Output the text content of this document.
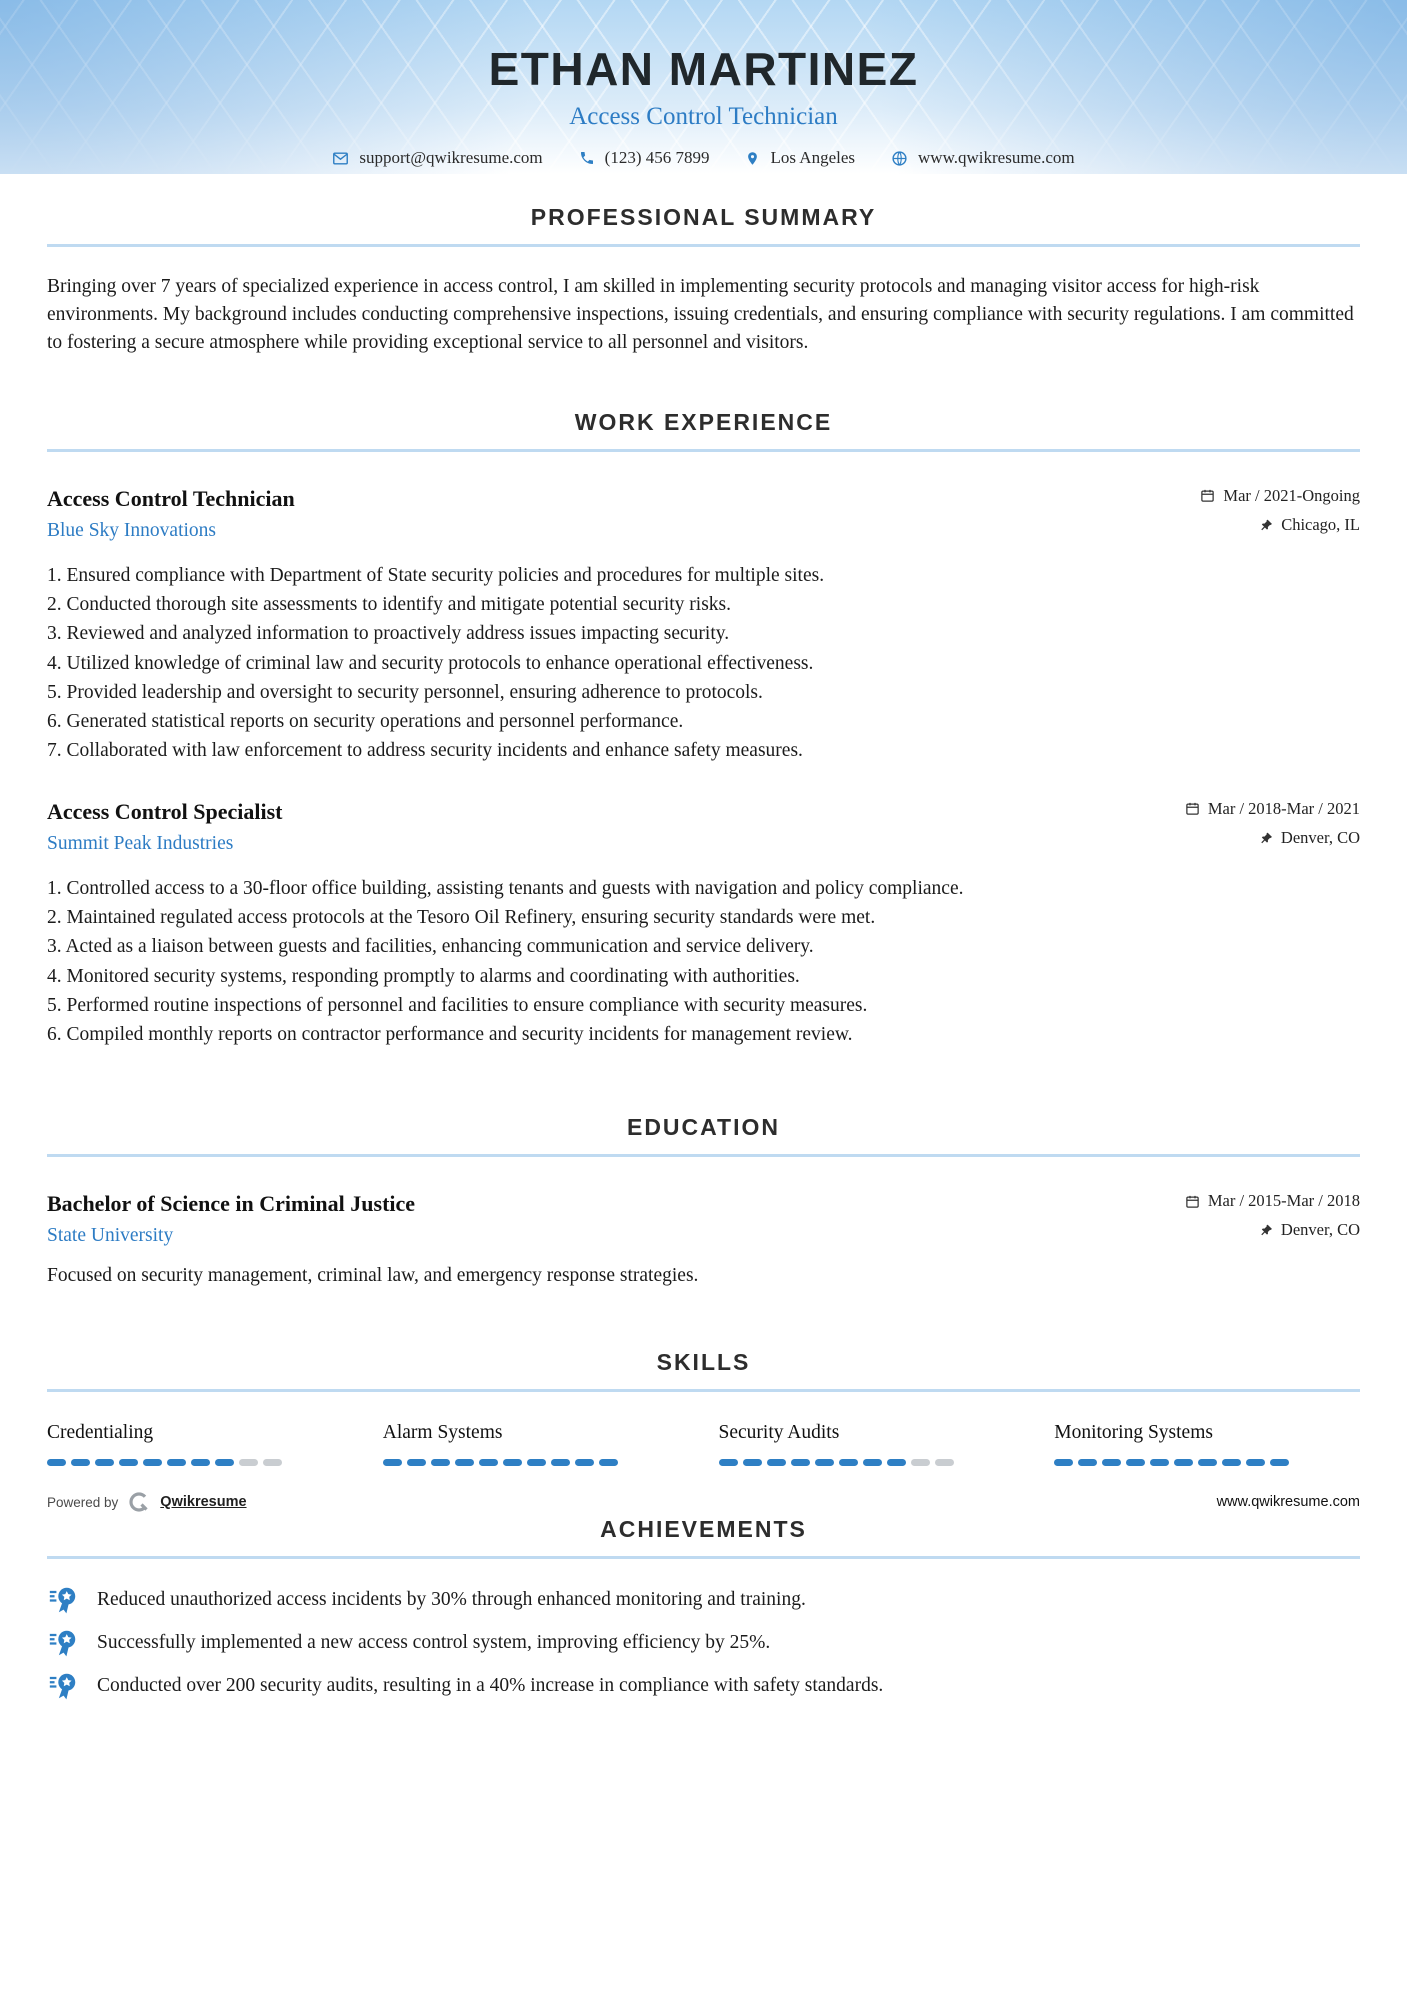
ETHAN MARTINEZ
Access Control Technician
support@qwikresume.com	(123) 456 7899	Los Angeles	www.qwikresume.com
PROFESSIONAL SUMMARY

Bringing over 7 years of specialized experience in access control, I am skilled in implementing security protocols and managing visitor access for high-risk environments. My background includes conducting comprehensive inspections, issuing credentials, and ensuring compliance with security regulations. I am committed to fostering a secure atmosphere while providing exceptional service to all personnel and visitors.

WORK EXPERIENCE
Access Control Technician
Blue Sky Innovations
Mar / 2021-Ongoing
Chicago, IL
Ensured compliance with Department of State security policies and procedures for multiple sites.
Conducted thorough site assessments to identify and mitigate potential security risks.
Reviewed and analyzed information to proactively address issues impacting security.
Utilized knowledge of criminal law and security protocols to enhance operational effectiveness.
Provided leadership and oversight to security personnel, ensuring adherence to protocols.
Generated statistical reports on security operations and personnel performance.
Collaborated with law enforcement to address security incidents and enhance safety measures.
Access Control Specialist
Summit Peak Industries
Mar / 2018-Mar / 2021
Denver, CO
Controlled access to a 30-floor office building, assisting tenants and guests with navigation and policy compliance.
Maintained regulated access protocols at the Tesoro Oil Refinery, ensuring security standards were met.
Acted as a liaison between guests and facilities, enhancing communication and service delivery.
Monitored security systems, responding promptly to alarms and coordinating with authorities.
Performed routine inspections of personnel and facilities to ensure compliance with security measures.
Compiled monthly reports on contractor performance and security incidents for management review.
EDUCATION
Bachelor of Science in Criminal Justice
State University
Mar / 2015-Mar / 2018
Denver, CO

Focused on security management, criminal law, and emergency response strategies.

SKILLS
Credentialing	Alarm Systems	Security Audits	Monitoring Systems
ACHIEVEMENTS
Reduced unauthorized access incidents by 30% through enhanced monitoring and training.
Successfully implemented a new access control system, improving efficiency by 25%.
Conducted over 200 security audits, resulting in a 40% increase in compliance with safety standards.
Powered by	Qwikresume	www.qwikresume.com
